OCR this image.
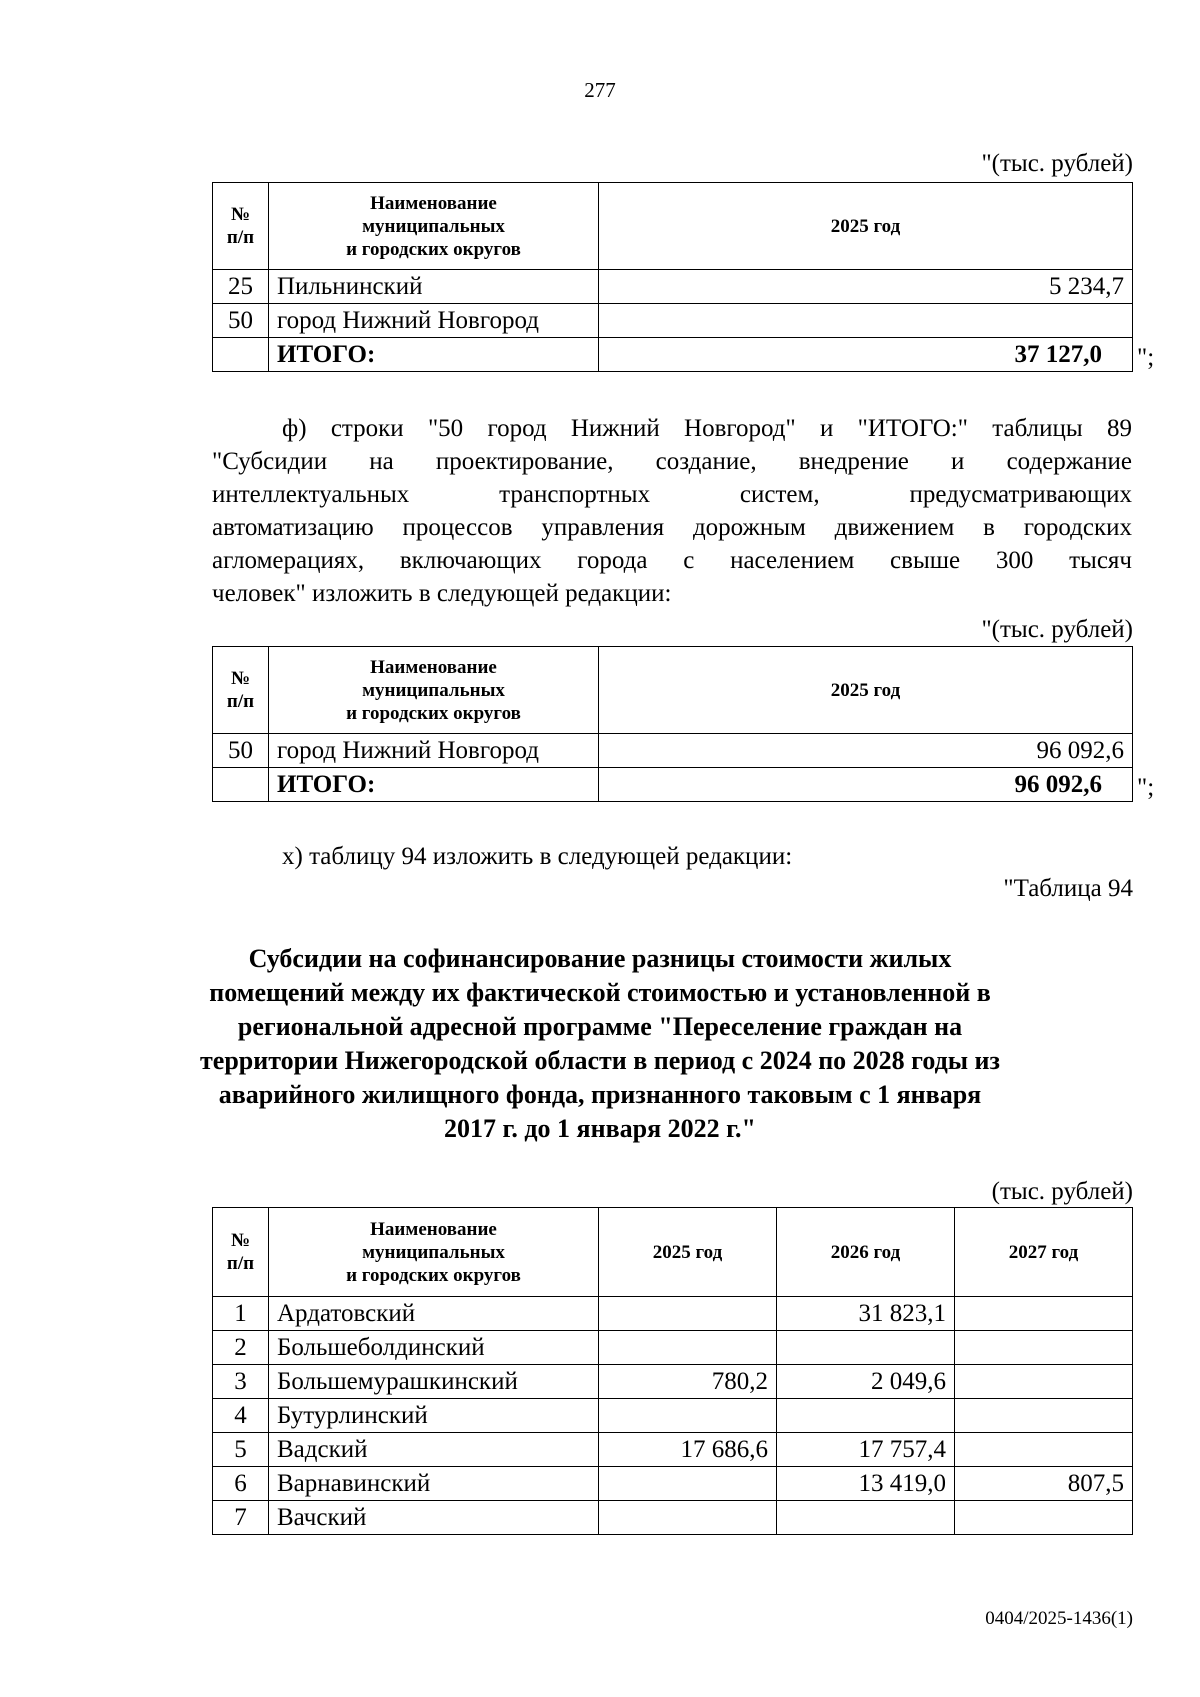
277
"(тыс. рублей)
№
п/п	Наименование
муниципальных
и городских округов	2025 год
25	Пильнинский	5 234,7
50	город Нижний Новгород	
	ИТОГО:	37 127,0 ";
ф) строки "50 город Нижний Новгород" и "ИТОГО:" таблицы 89
"Субсидии на проектирование, создание, внедрение и содержание
интеллектуальных транспортных систем, предусматривающих
автоматизацию процессов управления дорожным движением в городских
агломерациях, включающих города с населением свыше 300 тысяч
человек" изложить в следующей редакции:
"(тыс. рублей)
№
п/п	Наименование
муниципальных
и городских округов	2025 год
50	город Нижний Новгород	96 092,6
	ИТОГО:	96 092,6 ";
х) таблицу 94 изложить в следующей редакции:
"Таблица 94
Субсидии на софинансирование разницы стоимости жилых
помещений между их фактической стоимостью и установленной в
региональной адресной программе "Переселение граждан на
территории Нижегородской области в период с 2024 по 2028 годы из
аварийного жилищного фонда, признанного таковым с 1 января
2017 г. до 1 января 2022 г."
(тыс. рублей)
№
п/п	Наименование
муниципальных
и городских округов	2025 год	2026 год	2027 год
1	Ардатовский		31 823,1	
2	Большеболдинский			
3	Большемурашкинский	780,2	2 049,6	
4	Бутурлинский			
5	Вадский	17 686,6	17 757,4	
6	Варнавинский		13 419,0	807,5
7	Вачский			
0404/2025-1436(1)
